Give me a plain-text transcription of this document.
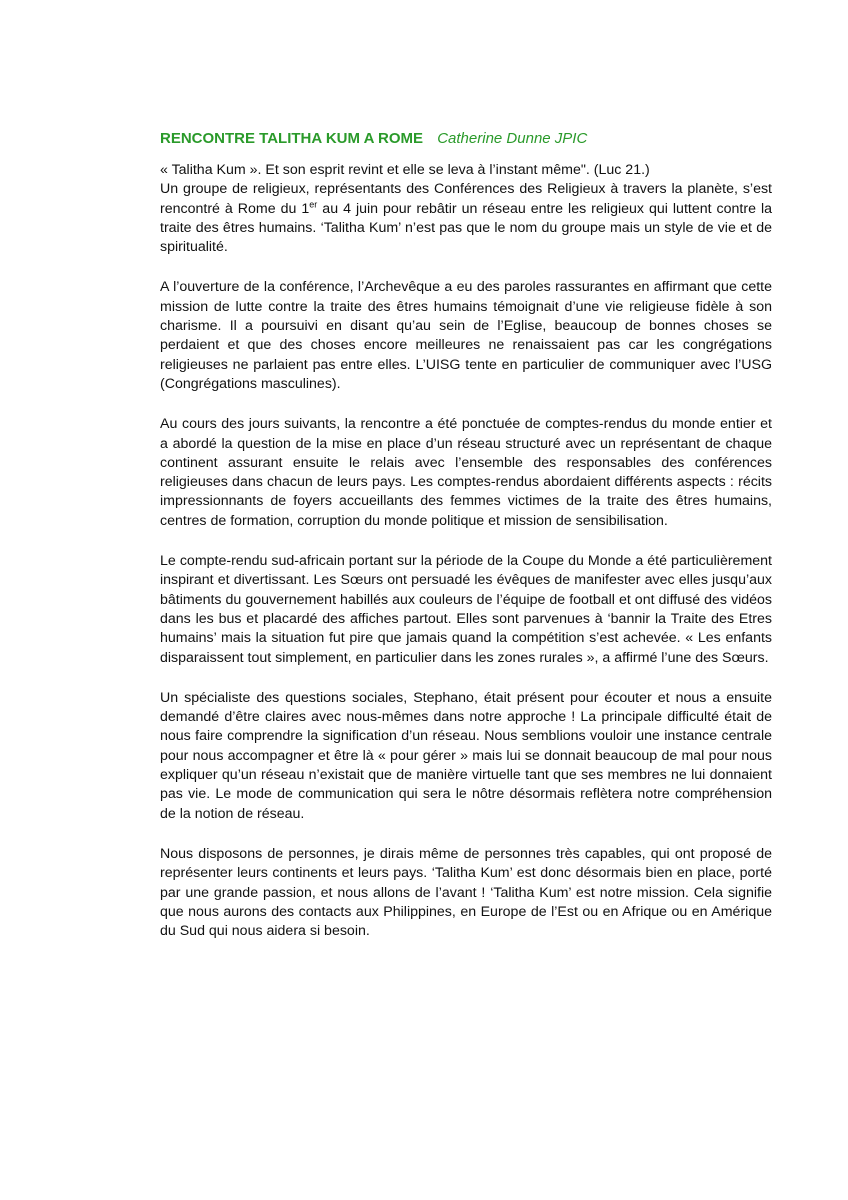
RENCONTRE TALITHA KUM A ROME Catherine Dunne JPIC

« Talitha Kum ». Et son esprit revint et elle se leva à l’instant même". (Luc 21.)

Un groupe de religieux, représentants des Conférences des Religieux à travers la planète, s’est rencontré à Rome du 1er au 4 juin pour rebâtir un réseau entre les religieux qui luttent contre la traite des êtres humains. ‘Talitha Kum’ n’est pas que le nom du groupe mais un style de vie et de spiritualité.

A l’ouverture de la conférence, l’Archevêque a eu des paroles rassurantes en affirmant que cette mission de lutte contre la traite des êtres humains témoignait d’une vie religieuse fidèle à son charisme. Il a poursuivi en disant qu’au sein de l’Eglise, beaucoup de bonnes choses se perdaient et que des choses encore meilleures ne renaissaient pas car les congrégations religieuses ne parlaient pas entre elles. L’UISG tente en particulier de communiquer avec l’USG (Congrégations masculines).

Au cours des jours suivants, la rencontre a été ponctuée de comptes-rendus du monde entier et a abordé la question de la mise en place d’un réseau structuré avec un représentant de chaque continent assurant ensuite le relais avec l’ensemble des responsables des conférences religieuses dans chacun de leurs pays. Les comptes-rendus abordaient différents aspects : récits impressionnants de foyers accueillants des femmes victimes de la traite des êtres humains, centres de formation, corruption du monde politique et mission de sensibilisation.

Le compte-rendu sud-africain portant sur la période de la Coupe du Monde a été particulièrement inspirant et divertissant. Les Sœurs ont persuadé les évêques de manifester avec elles jusqu’aux bâtiments du gouvernement habillés aux couleurs de l’équipe de football et ont diffusé des vidéos dans les bus et placardé des affiches partout. Elles sont parvenues à ‘bannir la Traite des Etres humains’ mais la situation fut pire que jamais quand la compétition s’est achevée. « Les enfants disparaissent tout simplement, en particulier dans les zones rurales », a affirmé l’une des Sœurs.

Un spécialiste des questions sociales, Stephano, était présent pour écouter et nous a ensuite demandé d’être claires avec nous-mêmes dans notre approche ! La principale difficulté était de nous faire comprendre la signification d’un réseau. Nous semblions vouloir une instance centrale pour nous accompagner et être là « pour gérer » mais lui se donnait beaucoup de mal pour nous expliquer qu’un réseau n’existait que de manière virtuelle tant que ses membres ne lui donnaient pas vie. Le mode de communication qui sera le nôtre désormais reflètera notre compréhension de la notion de réseau.

Nous disposons de personnes, je dirais même de personnes très capables, qui ont proposé de représenter leurs continents et leurs pays. ‘Talitha Kum’ est donc désormais bien en place, porté par une grande passion, et nous allons de l’avant ! ‘Talitha Kum’ est notre mission. Cela signifie que nous aurons des contacts aux Philippines, en Europe de l’Est ou en Afrique ou en Amérique du Sud qui nous aidera si besoin.
